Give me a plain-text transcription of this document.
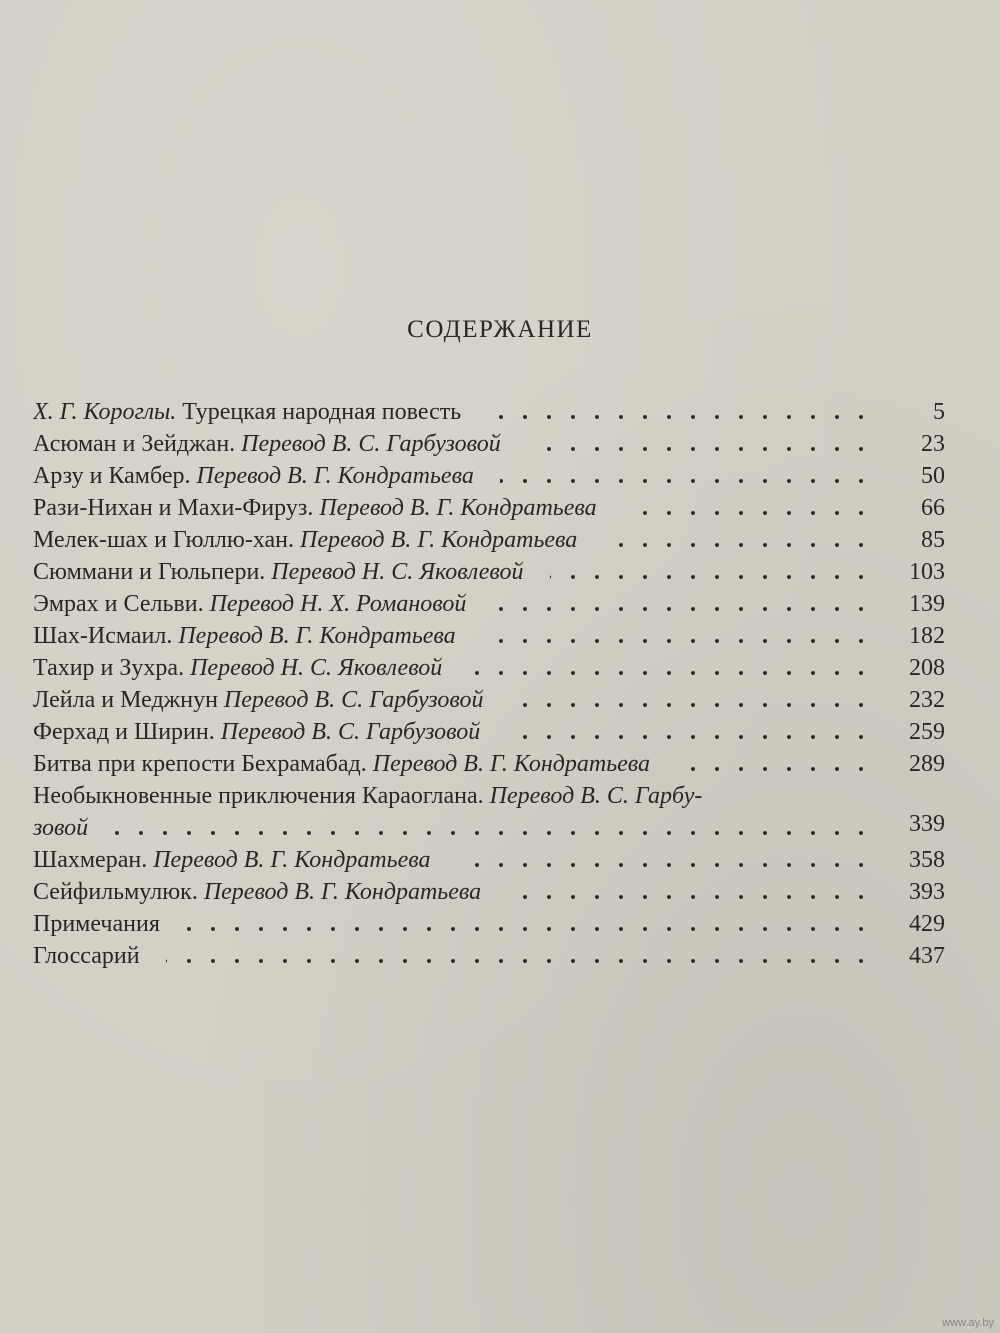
СОДЕРЖАНИЕ
Х. Г. Короглы. Турецкая народная повесть	5
Асюман и Зейджан. Перевод В. С. Гарбузовой	23
Арзу и Камбер. Перевод В. Г. Кондратьева	50
Рази-Нихан и Махи-Фируз. Перевод В. Г. Кондратьева	66
Мелек-шах и Гюллю-хан. Перевод В. Г. Кондратьева	85
Сюммани и Гюльпери. Перевод Н. С. Яковлевой	103
Эмрах и Сельви. Перевод Н. Х. Романовой	139
Шах-Исмаил. Перевод В. Г. Кондратьева	182
Тахир и Зухра. Перевод Н. С. Яковлевой	208
Лейла и Меджнун Перевод В. С. Гарбузовой	232
Ферхад и Ширин. Перевод В. С. Гарбузовой	259
Битва при крепости Бехрамабад. Перевод В. Г. Кондратьева	289
Необыкновенные приключения Караоглана. Перевод В. С. Гарбу-
зовой	339
Шахмеран. Перевод В. Г. Кондратьева	358
Сейфильмулюк. Перевод В. Г. Кондратьева	393
Примечания	429
Глоссарий	437
www.ay.by
